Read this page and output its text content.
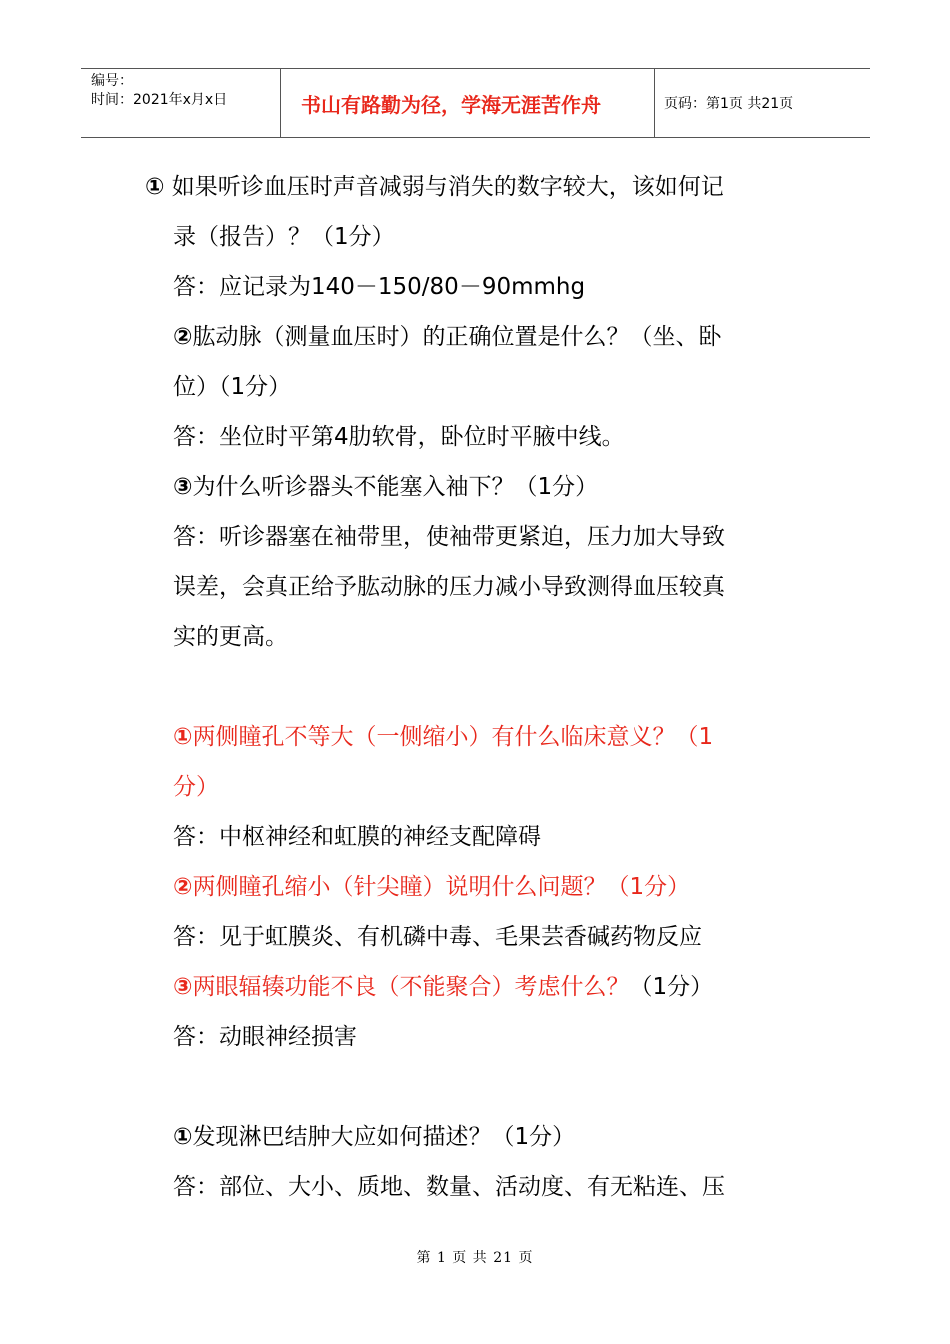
编号：
时间：2021年x月x日	书山有路勤为径，学海无涯苦作舟	页码：第1页 共21页
① 如果听诊血压时声音减弱与消失的数字较大，该如何记
录（报告）？（1分）
答：应记录为140－150/80－90mmhg
②肱动脉（测量血压时）的正确位置是什么？（坐、卧
位）（1分）
答：坐位时平第4肋软骨，卧位时平腋中线。
③为什么听诊器头不能塞入袖下？（1分）
答：听诊器塞在袖带里，使袖带更紧迫，压力加大导致
误差，会真正给予肱动脉的压力减小导致测得血压较真
实的更高。
①两侧瞳孔不等大（一侧缩小）有什么临床意义？（1
分）
答：中枢神经和虹膜的神经支配障碍
②两侧瞳孔缩小（针尖瞳）说明什么问题？（1分）
答：见于虹膜炎、有机磷中毒、毛果芸香碱药物反应
③两眼辐辏功能不良（不能聚合）考虑什么？（1分）
答：动眼神经损害
①发现淋巴结肿大应如何描述？（1分）
答：部位、大小、质地、数量、活动度、有无粘连、压
第 1 页 共 21 页
